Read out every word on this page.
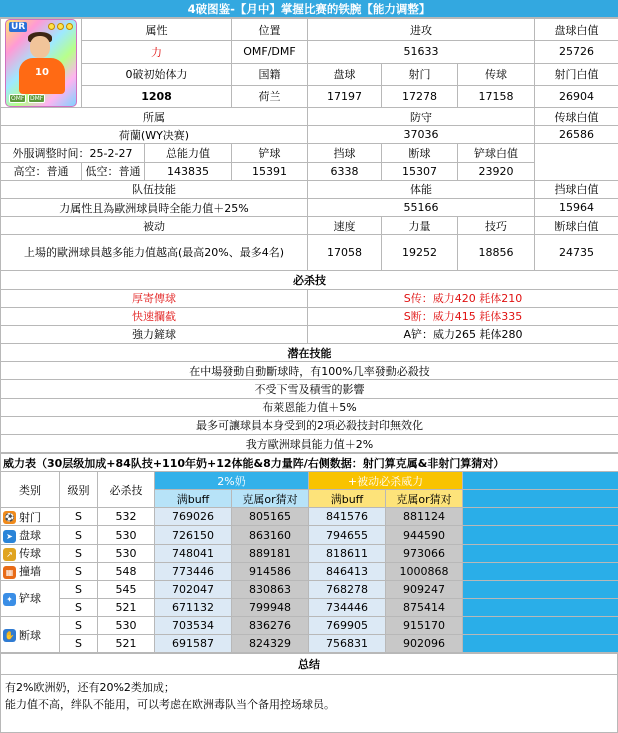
4破图鉴-【月中】掌握比赛的铁腕【能力调整】
UR
10
OMF DMF	属性		位置	进攻			盘球白值
	力		OMF/DMF	51633			25726
	0破初始体力		国籍	盘球	射门	传球	射门白值
	1208		荷兰	17197	17278	17158	26904
所属				防守			传球白值
荷蘭(WY决赛)				37036			26586
外服调整时间：25-2-27		总能力值	铲球	挡球	断球	铲球白值	
高空：普通	低空：普通	143835	15391	6338	15307	23920	
队伍技能				体能			挡球白值
力属性且為歐洲球員時全能力值＋25%				55166			15964
被动				速度	力量	技巧	断球白值
上場的歐洲球員越多能力值越高(最高20%、最多4名)				17058	19252	18856	24735
必杀技							
厚寄傳球				S传：威力420 耗体210			
快速攔截				S断：威力415 耗体335			
強力鏟球				A铲：威力265 耗体280			
潜在技能							
在中場發動自動斷球時，有100%几率發動必殺技							
不受下雪及積雪的影響							
布萊恩能力值＋5%							
最多可讓球員本身受到的2項必殺技封印無效化							
我方歐洲球員能力值＋2%							
威力表（30层级加成+84队技+110年奶+12体能&8力量阵/右侧数据：射门算克属&非射门算猜对）							
类别	级别	必杀技	2%奶		+被动必杀威力		
			满buff	克属or猜对	满buff	克属or猜对	
⚽ 射门	S	532	769026	805165	841576	881124	
➤ 盘球	S	530	726150	863160	794655	944590	
↗ 传球	S	530	748041	889181	818611	973066	
▦ 撞墙	S	548	773446	914586	846413	1000868	
✦ 铲球	S	545	702047	830863	768278	909247	
	S	521	671132	799948	734446	875414	
✋ 断球	S	530	703534	836276	769905	915170	
	S	521	691587	824329	756831	902096	
总结

有2%欧洲奶，还有20%2类加成；
能力值不高，绊队不能用，可以考虑在欧洲毒队当个备用控场球员。
